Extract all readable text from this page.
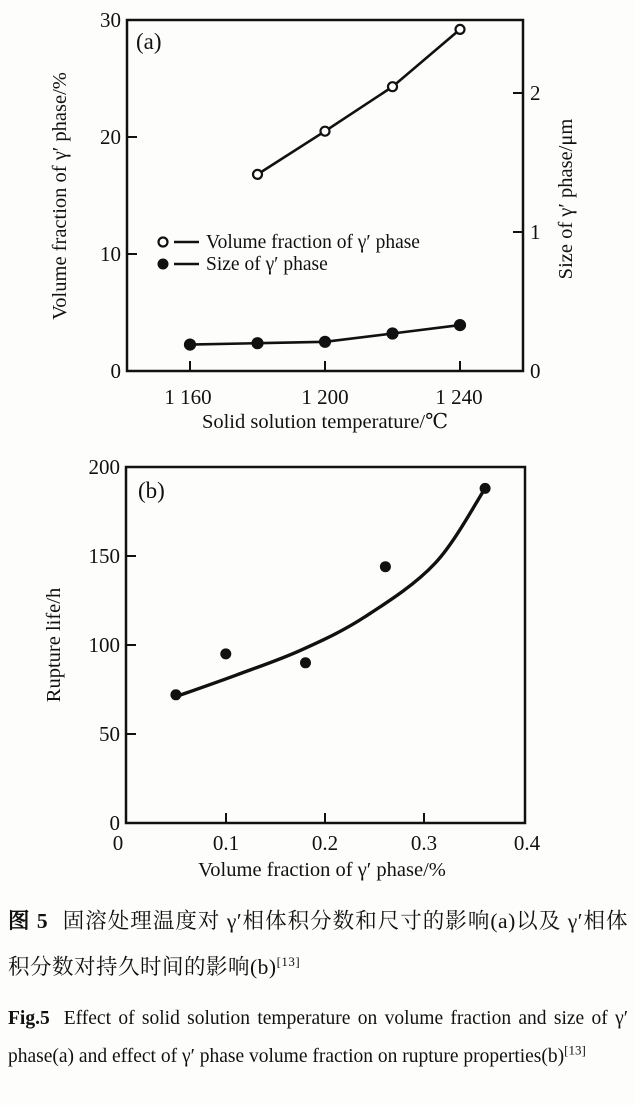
30
20
10
0
2
1
0
1 160	1 200	1 240
Volume fraction of γ′ phase/%	Size of γ′ phase/μm
Solid solution temperature/℃
(a)
Volume fraction of γ′ phase
Size of γ′ phase
200
150
100
50
0
0	0.1	0.2	0.3	0.4
Rupture life/h
Volume fraction of γ′ phase/%
(b)

图 5 固溶处理温度对 γ′相体积分数和尺寸的影响(a)以及 γ′相体积分数对持久时间的影响(b)[13]

Fig.5 Effect of solid solution temperature on volume fraction and size of γ′ phase(a) and effect of γ′ phase volume fraction on rupture properties(b)[13]
